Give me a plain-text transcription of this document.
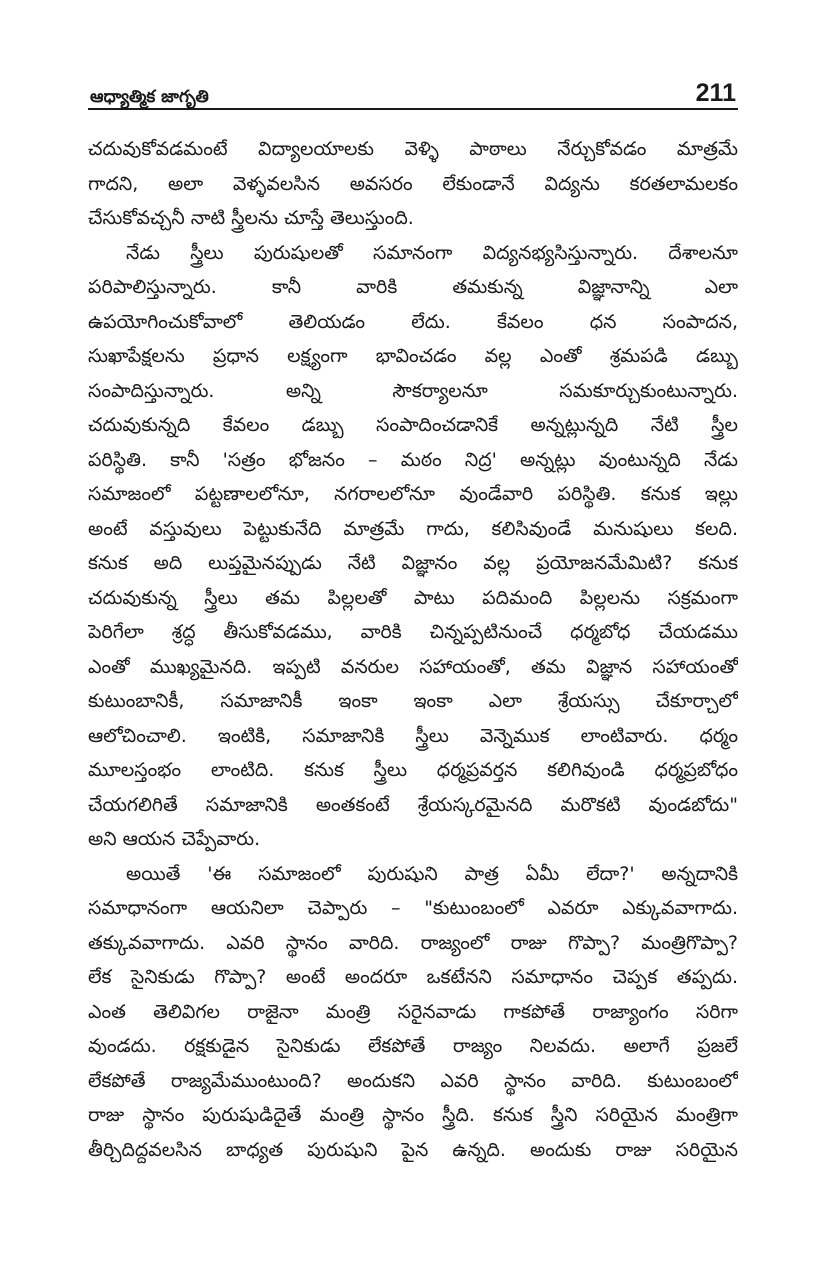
ఆధ్యాత్మిక జాగృతి	211
చదువుకోవడమంటే విద్యాలయాలకు వెళ్ళి పాఠాలు నేర్చుకోవడం మాత్రమే
గాదని, అలా వెళ్ళవలసిన అవసరం లేకుండానే విద్యను కరతలామలకం
చేసుకోవచ్చనీ నాటి స్త్రీలను చూస్తే తెలుస్తుంది.
నేడు స్త్రీలు పురుషులతో సమానంగా విద్యనభ్యసిస్తున్నారు. దేశాలనూ
పరిపాలిస్తున్నారు. కానీ వారికి తమకున్న విజ్ఞానాన్ని ఎలా
ఉపయోగించుకోవాలో తెలియడం లేదు. కేవలం ధన సంపాదన,
సుఖాపేక్షలను ప్రధాన లక్ష్యంగా భావించడం వల్ల ఎంతో శ్రమపడి డబ్బు
సంపాదిస్తున్నారు. అన్ని సౌకర్యాలనూ సమకూర్చుకుంటున్నారు.
చదువుకున్నది కేవలం డబ్బు సంపాదించడానికే అన్నట్లున్నది నేటి స్త్రీల
పరిస్థితి. కానీ 'సత్రం భోజనం – మఠం నిద్ర' అన్నట్లు వుంటున్నది నేడు
సమాజంలో పట్టణాలలోనూ, నగరాలలోనూ వుండేవారి పరిస్థితి. కనుక ఇల్లు
అంటే వస్తువులు పెట్టుకునేది మాత్రమే గాదు, కలిసివుండే మనుషులు కలది.
కనుక అది లుప్తమైనప్పుడు నేటి విజ్ఞానం వల్ల ప్రయోజనమేమిటి? కనుక
చదువుకున్న స్త్రీలు తమ పిల్లలతో పాటు పదిమంది పిల్లలను సక్రమంగా
పెరిగేలా శ్రద్ధ తీసుకోవడము, వారికి చిన్నప్పటినుంచే ధర్మబోధ చేయడము
ఎంతో ముఖ్యమైనది. ఇప్పటి వనరుల సహాయంతో, తమ విజ్ఞాన సహాయంతో
కుటుంబానికీ, సమాజానికీ ఇంకా ఇంకా ఎలా శ్రేయస్సు చేకూర్చాలో
ఆలోచించాలి. ఇంటికి, సమాజానికి స్త్రీలు వెన్నెముక లాంటివారు. ధర్మం
మూలస్తంభం లాంటిది. కనుక స్త్రీలు ధర్మప్రవర్తన కలిగివుండి ధర్మప్రబోధం
చేయగలిగితే సమాజానికి అంతకంటే శ్రేయస్కరమైనది మరొకటి వుండబోదు"
అని ఆయన చెప్పేవారు.
అయితే 'ఈ సమాజంలో పురుషుని పాత్ర ఏమీ లేదా?' అన్నదానికి
సమాధానంగా ఆయనిలా చెప్పారు – "కుటుంబంలో ఎవరూ ఎక్కువవాగాదు.
తక్కువవాగాదు. ఎవరి స్థానం వారిది. రాజ్యంలో రాజు గొప్పా? మంత్రిగొప్పా?
లేక సైనికుడు గొప్పా? అంటే అందరూ ఒకటేనని సమాధానం చెప్పక తప్పదు.
ఎంత తెలివిగల రాజైనా మంత్రి సరైనవాడు గాకపోతే రాజ్యాంగం సరిగా
వుండదు. రక్షకుడైన సైనికుడు లేకపోతే రాజ్యం నిలవదు. అలాగే ప్రజలే
లేకపోతే రాజ్యమేముంటుంది? అందుకని ఎవరి స్థానం వారిది. కుటుంబంలో
రాజు స్థానం పురుషుడిదైతే మంత్రి స్థానం స్త్రీది. కనుక స్త్రీని సరియైన మంత్రిగా
తీర్చిదిద్దవలసిన బాధ్యత పురుషుని పైన ఉన్నది. అందుకు రాజు సరియైన
